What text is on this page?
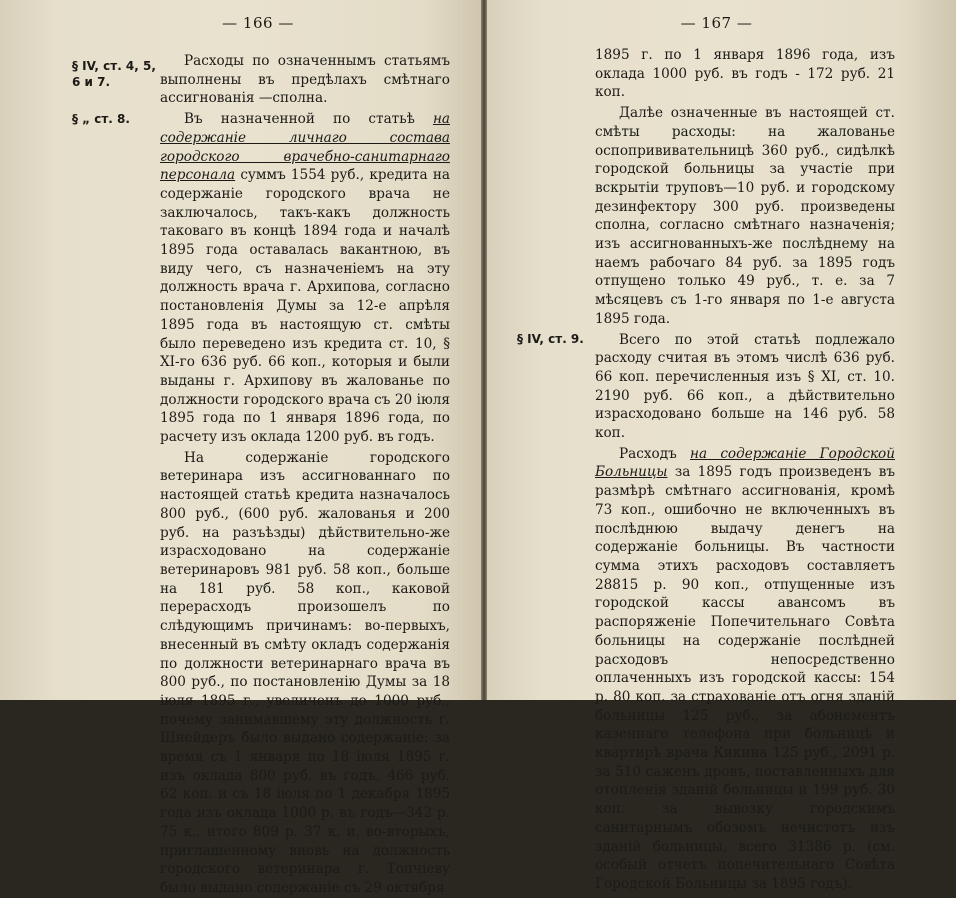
— 166 —
§ IV, ст. 4, 5, 6 и 7.
§ „ ст. 8.

Расходы по означеннымъ статьямъ выполнены въ предѣлахъ смѣтнаго ассигнованія —сполна.

Въ назначенной по статьѣ на содержаніе личнаго состава городского врачебно-санитарнаго персонала суммъ 1554 руб., кредита на содержаніе городского врача не заключалось, такъ-какъ должность таковаго въ концѣ 1894 года и началѣ 1895 года оставалась вакантною, въ виду чего, съ назначеніемъ на эту должность врача г. Архипова, согласно постановленія Думы за 12-е апрѣля 1895 года въ настоящую ст. смѣты было переведено изъ кредита ст. 10, § XI-го 636 руб. 66 коп., которыя и были выданы г. Архипову въ жалованье по должности городского врача съ 20 іюля 1895 года по 1 января 1896 года, по расчету изъ оклада 1200 руб. въ годъ.

На содержаніе городского ветеринара изъ ассигнованнаго по настоящей статьѣ кредита назначалось 800 руб., (600 руб. жалованья и 200 руб. на разъѣзды) дѣйствительно-же израсходовано на содержаніе ветеринаровъ 981 руб. 58 коп., больше на 181 руб. 58 коп., каковой перерасходъ произошелъ по слѣдующимъ причинамъ: во-первыхъ, внесенный въ смѣту окладъ содержанія по должности ветеринарнаго врача въ 800 руб., по постановленію Думы за 18 іюля 1895 г., увеличенъ до 1000 руб., почему занимавшему эту должность г. Шнейдеръ было выдано содержаніе: за время съ 1 января по 18 іюля 1895 г. изъ оклада 800 руб. въ годъ, 466 руб. 62 коп. и съ 18 іюля по 1 декабря 1895 года изъ оклада 1000 р. въ годъ—342 р. 75 к., итого 809 р. 37 к. и, во-вторыхъ, приглашенному вновь на должность городского ветеринара г. Топчіеву было выдано содержаніе съ 29 октября

— 167 —
§ IV, ст. 9.

1895 г. по 1 января 1896 года, изъ оклада 1000 руб. въ годъ - 172 руб. 21 коп.

Далѣе означенные въ настоящей ст. смѣты расходы: на жалованье оспопрививательницѣ 360 руб., сидѣлкѣ городской больницы за участіе при вскрытіи труповъ—10 руб. и городскому дезинфектору 300 руб. произведены сполна, согласно смѣтнаго назначенія; изъ ассигнованныхъ-же послѣднему на наемъ рабочаго 84 руб. за 1895 годъ отпущено только 49 руб., т. е. за 7 мѣсяцевъ съ 1-го января по 1-е августа 1895 года.

Всего по этой статьѣ подлежало расходу считая въ этомъ числѣ 636 руб. 66 коп. перечисленныя изъ § XI, ст. 10. 2190 руб. 66 коп., а дѣйствительно израсходовано больше на 146 руб. 58 коп.

Расходъ на содержаніе Городской Больницы за 1895 годъ произведенъ въ размѣрѣ смѣтнаго ассигнованія, кромѣ 73 коп., ошибочно не включенныхъ въ послѣднюю выдачу денегъ на содержаніе больницы. Въ частности сумма этихъ расходовъ составляетъ 28815 р. 90 коп., отпущенные изъ городской кассы авансомъ въ распоряженіе Попечительнаго Совѣта больницы на содержаніе послѣдней расходовъ непосредственно оплаченныхъ изъ городской кассы: 154 р. 80 коп. за страхованіе отъ огня зданій больницы 125 руб., за абонементъ казеннаго телефона при больницѣ и квартирѣ врача Кикина 125 руб., 2091 р. за 510 саженъ дровъ, поставленныхъ для отопленія зданій больницы и 199 руб. 30 коп. за вывозку городскимъ санитарнымъ обозомъ нечистотъ изъ зданій больницы, всего 31386 р. (см. особый отчетъ попечительнаго Совѣта Городской Больницы за 1895 годъ).
